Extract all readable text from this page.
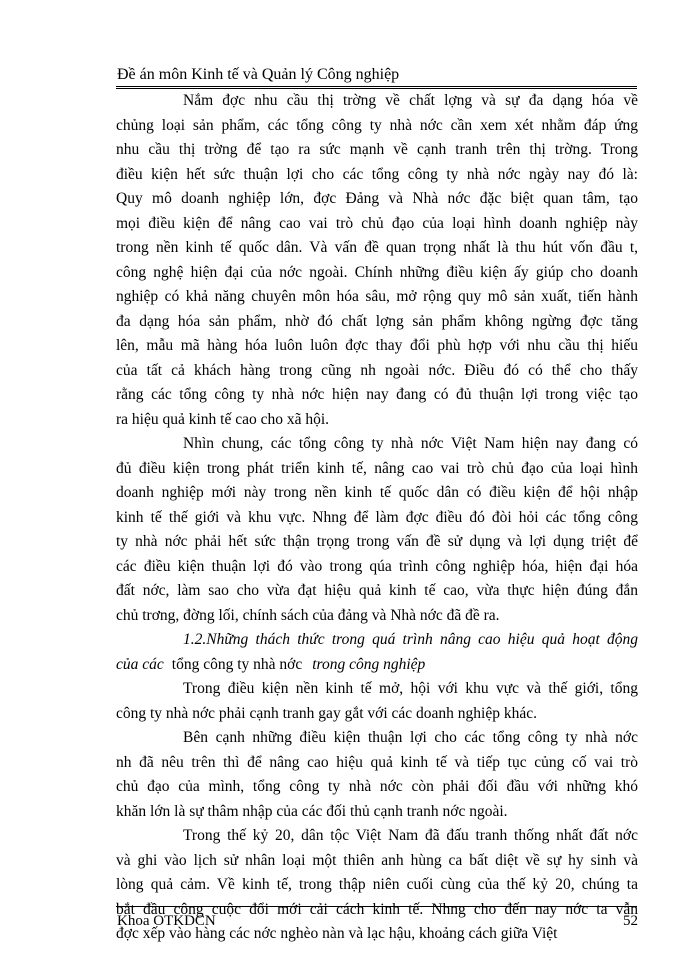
Đề án môn Kinh tế và Quản lý Công nghiệp
Nắm đợc nhu cầu thị trờng về chất lợng và sự đa dạng hóa về
chủng loại sản phẩm, các tổng công ty nhà nớc cần xem xét nhằm đáp ứng
nhu cầu thị trờng để tạo ra sức mạnh về cạnh tranh trên thị trờng. Trong
điều kiện hết sức thuận lợi cho các tổng công ty nhà nớc ngày nay đó là:
Quy mô doanh nghiệp lớn, đợc Đảng và Nhà nớc đặc biệt quan tâm, tạo
mọi điều kiện để nâng cao vai trò chủ đạo của loại hình doanh nghiệp này
trong nền kinh tế quốc dân. Và vấn đề quan trọng nhất là thu hút vốn đầu t,
công nghệ hiện đại của nớc ngoài. Chính những điều kiện ấy giúp cho doanh
nghiệp có khả năng chuyên môn hóa sâu, mở rộng quy mô sản xuất, tiến hành
đa dạng hóa sản phẩm, nhờ đó chất lợng sản phẩm không ngừng đợc tăng
lên, mẫu mã hàng hóa luôn luôn đợc thay đổi phù hợp với nhu cầu thị hiếu
của tất cả khách hàng trong cũng nh ngoài nớc. Điều đó có thể cho thấy
rằng các tổng công ty nhà nớc hiện nay đang có đủ thuận lợi trong việc tạo
ra hiệu quả kinh tế cao cho xã hội.
Nhìn chung, các tổng công ty nhà nớc Việt Nam hiện nay đang có
đủ điều kiện trong phát triển kinh tế, nâng cao vai trò chủ đạo của loại hình
doanh nghiệp mới này trong nền kinh tế quốc dân có điều kiện để hội nhập
kinh tế thế giới và khu vực. Nhng để làm đợc điều đó đòi hỏi các tổng công
ty nhà nớc phải hết sức thận trọng trong vấn đề sử dụng và lợi dụng triệt để
các điều kiện thuận lợi đó vào trong qúa trình công nghiệp hóa, hiện đại hóa
đất nớc, làm sao cho vừa đạt hiệu quả kinh tế cao, vừa thực hiện đúng đắn
chủ trơng, đờng lối, chính sách của đảng và Nhà nớc đã đề ra.
1.2.Những thách thức trong quá trình nâng cao hiệu quả hoạt động
của các tổng công ty nhà nớc trong công nghiệp
Trong điều kiện nền kinh tế mở, hội với khu vực và thế giới, tổng
công ty nhà nớc phải cạnh tranh gay gắt với các doanh nghiệp khác.
Bên cạnh những điều kiện thuận lợi cho các tổng công ty nhà nớc
nh đã nêu trên thì để nâng cao hiệu quả kinh tế và tiếp tục củng cố vai trò
chủ đạo của mình, tổng công ty nhà nớc còn phải đối đầu với những khó
khăn lớn là sự thâm nhập của các đối thủ cạnh tranh nớc ngoài.
Trong thế kỷ 20, dân tộc Việt Nam đã đấu tranh thống nhất đất nớc
và ghi vào lịch sử nhân loại một thiên anh hùng ca bất diệt về sự hy sinh và
lòng quả cảm. Về kinh tế, trong thập niên cuối cùng của thế kỷ 20, chúng ta
bắt đầu công cuộc đổi mới cải cách kinh tế. Nhng cho đến nay nớc ta vẫn
đợc xếp vào hàng các nớc nghèo nàn và lạc hậu, khoảng cách giữa Việt
Khoa OTKDCN	52
